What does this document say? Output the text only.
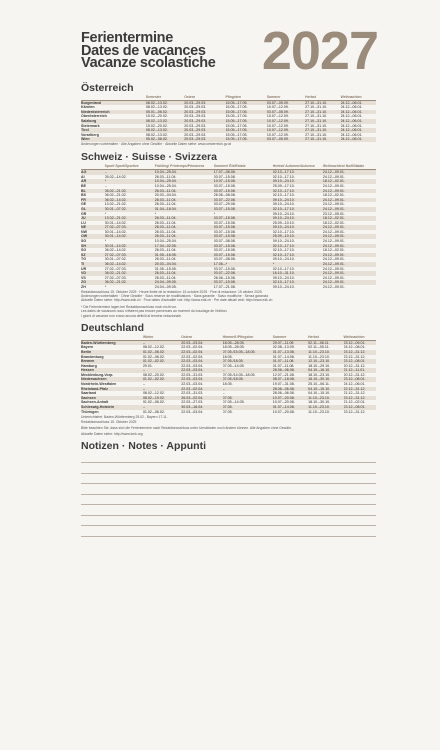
Ferientermine
Dates de vacances
Vacanze scolastiche 2027
Österreich
	Semester	Ostern	Pfingsten	Sommer	Herbst	Weihnachten
Burgenland	08.02.–13.02.	20.03.–29.03.	15.05.–17.05.	03.07.–05.09.	27.10.–31.10.	24.12.–06.01.
Kärnten	08.02.–13.02.	20.03.–29.03.	15.05.–17.05.	10.07.–12.09.	27.10.–31.10.	24.12.–06.01.
Niederösterreich	05.01.–06.02.	20.03.–29.03.	15.05.–17.05.	03.07.–05.09.	27.10.–31.10.	24.12.–06.01.
Oberösterreich	15.02.–20.02.	20.03.–29.03.	15.05.–17.05.	10.07.–12.09.	27.10.–31.10.	24.12.–06.01.
Salzburg	08.02.–13.02.	20.03.–29.03.	15.05.–17.05.	10.07.–12.09.	27.10.–31.10.	24.12.–06.01.
Steiermark	15.02.–20.02.	20.03.–29.03.	15.05.–17.05.	10.07.–12.09.	27.10.–31.10.	24.12.–06.01.
Tirol	08.02.–13.02.	20.03.–29.03.	15.05.–17.05.	10.07.–12.09.	27.10.–31.10.	24.12.–06.01.
Vorarlberg	08.02.–13.02.	20.03.–29.03.	15.05.–17.05.	10.07.–12.09.	27.10.–31.10.	24.12.–06.01.
Wien	05.02.–06.02.	20.03.–29.03.	15.05.–17.05.	03.07.–05.09.	27.10.–31.10.	24.12.–06.01.

Änderungen vorbehalten · Alle Angaben ohne Gewähr · Aktuelle Daten siehe: www.oesterreich.gv.at

Schweiz · Suisse · Svizzera
	Sport/ Sport/Sportive	Frühling/ Printemps/Primavera	Sommer/ Été/Estate	Herbst/ Automne/Autunno	Weihnachten/ Noël/Natale
AG	–	10.04.–25.04.	17.07.–08.08.	02.10.–17.10.	24.12.–09.01.
AI	05.02.–14.02.	26.03.–11.04.	03.07.–15.08.	02.10.–17.10.	24.12.–09.01.
AR	*	10.04.–25.04.	10.07.–15.08.	09.10.–24.10.	18.12.–02.01.
BE	–	10.04.–25.04.	03.07.–15.08.	25.09.–17.10.	24.12.–09.01.
BL	06.02.–21.02.	26.03.–11.04.	03.07.–15.08.	02.10.–17.10.	24.12.–09.01.
BS	06.02.–21.02.	20.03.–04.04.	26.06.–08.08.	02.10.–17.10.	18.12.–02.01.
FR	06.02.–14.02.	26.03.–11.04.	03.07.–22.08.	09.10.–24.10.	24.12.–09.01.
GE	13.02.–21.02.	26.03.–11.04.	03.07.–29.08.	09.10.–24.10.	24.12.–09.01.
GL	30.01.–07.02.	01.04.–18.04.	03.07.–15.08.	02.10.–17.10.	24.12.–09.01.
GR	*	*	*	09.10.–24.10.	23.12.–05.01.
JU	13.02.–21.02.	26.03.–11.04.	03.07.–15.08.	09.10.–24.10.	18.12.–02.01.
LU	30.01.–14.02.	26.03.–11.04.	03.07.–15.08.	25.09.–10.10.	18.12.–02.01.
NE	27.02.–07.03.	26.03.–11.04.	03.07.–15.08.	09.10.–24.10.	24.12.–09.01.
NW	30.01.–14.02.	26.03.–11.04.	03.07.–15.08.	02.10.–17.10.	24.12.–09.01.
OW	30.01.–14.02.	26.03.–11.04.	03.07.–15.08.	25.09.–10.10.	24.12.–09.01.
SG	*	10.04.–25.04.	03.07.–08.08.	09.10.–24.10.	24.12.–09.01.
SH	30.01.–14.02.	17.04.–02.05.	03.07.–15.08.	02.10.–17.10.	24.12.–09.01.
SO	06.02.–14.02.	26.03.–11.04.	03.07.–15.08.	02.10.–17.10.	18.12.–02.01.
SZ	27.02.–07.03.	01.05.–16.05.	03.07.–15.08.	02.10.–17.10.	24.12.–09.01.
TG	30.01.–07.02.	26.03.–11.04.	03.07.–08.08.	09.10.–24.10.	24.12.–09.01.
TI	06.02.–14.02.	20.03.–04.04.	17.06.–*	*	24.12.–09.01.
UR	27.02.–07.03.	01.05.–15.05.	03.07.–15.08.	02.10.–17.10.	24.12.–09.01.
VD	06.02.–21.02.	26.03.–11.04.	03.07.–22.08.	16.10.–31.10.	24.12.–09.01.
VS	27.02.–07.03.	26.03.–11.04.	26.06.–15.08.	09.10.–24.10.	24.12.–09.01.
ZG	06.02.–21.02.	24.04.–09.05.	03.07.–15.08.	02.10.–17.10.	24.12.–09.01.
ZH	*	24.04.–09.05.	17.07.–21.08.	09.10.–24.10.	24.12.–09.01.

Redaktionsschluss 15. Oktober 2025 · Heure limite de la rédaction: 15 octobre 2025 · Fine di redazione: 15 ottobre 2025

Änderungen vorbehalten · Ohne Gewähr · Sous réserve de modifications · Sans garantie · Salvo modifiche · Senza garanzia

Aktuelle Daten siehe: http://www.edk.ch · Pour dates d'actualité voir: http://www.edk.ch · Per date attuali vedi: http://www.edk.ch

* Die Ferientermine lagen bei Redaktionsschluss noch nicht vor.

Les dates de vacances nous n'étaient pas encore parvenues au moment du bouclage de l'édition.

I giorni di vacanze non erano ancora definiti al termine redazionale.

Deutschland
	Winter	Ostern	Himmelf./Pfingsten	Sommer	Herbst	Weihnachten
Baden-Württemberg	–	20.03.–03.04.	18.05.–28.05.	29.07.–11.09.	02.11.–06.11.	23.12.–09.01.
Bayern	08.02.–12.02.	22.03.–02.04.	18.05.–28.05.	02.08.–13.09.	02.11.–05.11.	24.12.–08.01.
Berlin	01.02.–06.02.	22.03.–02.04.	07.05./15.05.–18.05.	01.07.–13.08.	11.10.–23.10.	23.12.–31.12.
Brandenburg	01.02.–06.02.	22.03.–02.04.	18.05.	01.07.–14.08.	11.10.–23.10.	23.12.–31.12.
Bremen	01.02.–02.02.	22.03.–03.04.	07.05./18.05.	01.07.–11.08.	12.10.–23.10.	23.12.–08.01.
Hamburg	29.01.	22.03.–03.04.	07.05.–14.05.	01.07.–11.08.	18.10.–29.10.	20.12.–31.12.
Hessen	–	22.03.–03.04.	–	28.06.–06.08.	04.10.–16.10.	21.12.–11.01.
Mecklenburg-Vorp.	08.02.–20.02.	22.03.–31.03.	07.05./14.05.–18.05.	12.07.–21.08.	18.10.–23.10.	20.12.–31.12.
Niedersachsen	01.02.–02.02.	22.03.–03.04.	07.05./18.05.	08.07.–18.08.	16.10.–30.10.	23.12.–08.01.
Nordrhein-Westfalen	–	22.03.–03.04.	18.05.	19.07.–31.08.	25.10.–06.11.	24.12.–06.01.
Rheinland-Pfalz	–	22.03.–02.04.	–	28.06.–06.08.	04.10.–15.10.	22.12.–31.12.
Saarland	08.02.–12.02.	22.03.–31.03.	–	28.06.–06.08.	04.10.–15.10.	21.12.–31.12.
Sachsen	08.02.–19.02.	26.03.–02.04.	07.05.	10.07.–20.08.	11.10.–23.10.	23.12.–31.12.
Sachsen-Anhalt	01.02.–06.02.	22.03.–27.03.	07.05.–14.05.	10.07.–20.08.	18.10.–30.10.	21.12.–02.01.
Schleswig-Holstein	–	30.03.–16.04.	07.05.	01.07.–14.08.	11.10.–23.10.	23.12.–08.01.
Thüringen	01.02.–06.02.	22.03.–03.04.	07.05.	10.07.–20.08.	11.10.–23.10.	23.12.–31.12.

Unterrichtsfrei: Baden-Württemberg 25.02., Bayern 17.11.

Redaktionsschluss 15. Oktober 2025

Bitte beachten Sie, dass sich die Ferientermine nach Redaktionsschluss unter Umständen noch ändern können. Alle Angaben ohne Gewähr.

Aktuelle Daten siehe: http://www.kmk.org

Notizen · Notes · Appunti
